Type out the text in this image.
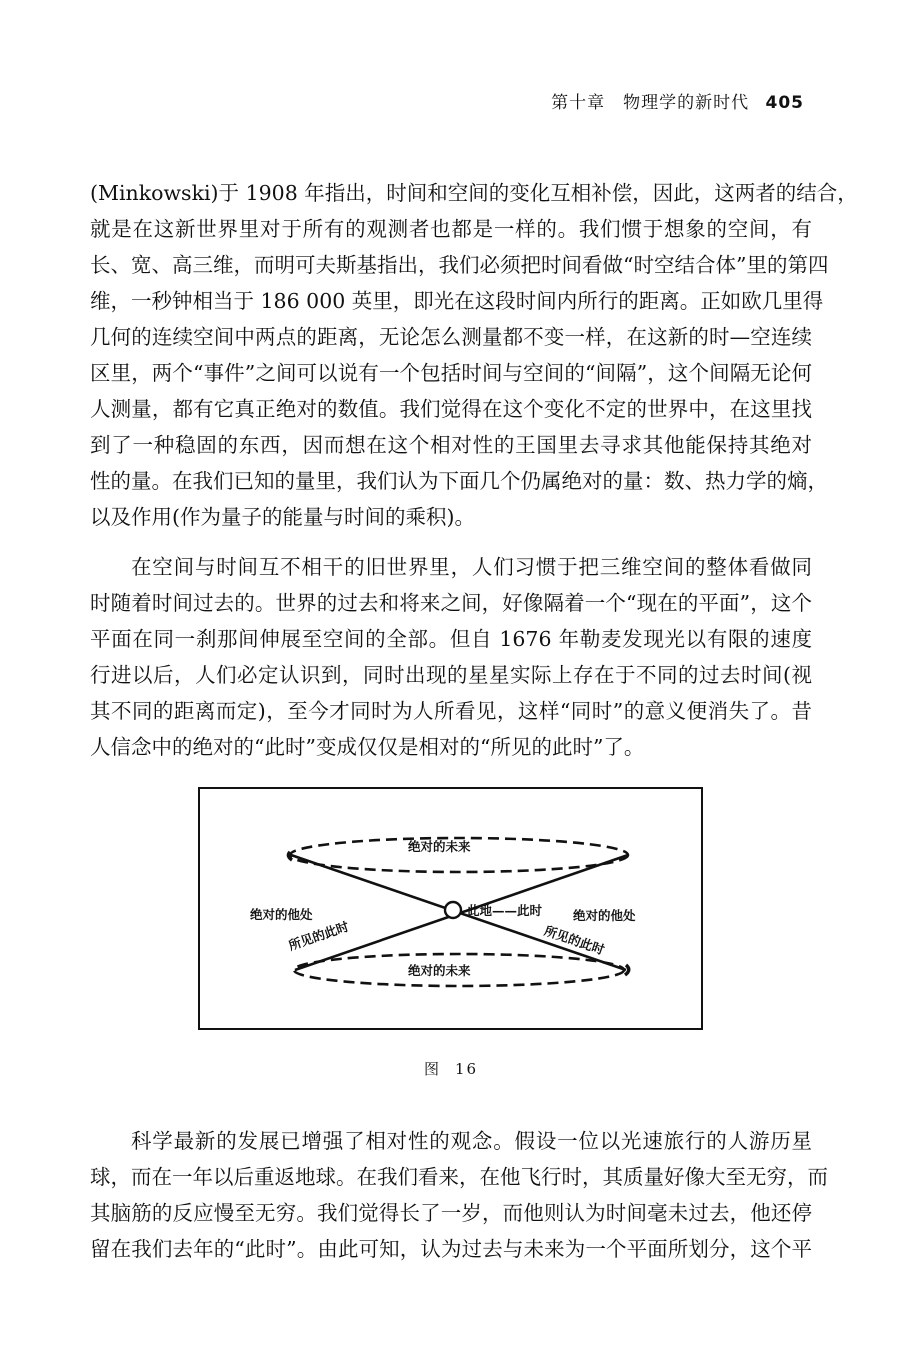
第十章　物理学的新时代 405
(Minkowski)于 1908 年指出，时间和空间的变化互相补偿，因此，这两者的结合，
就是在这新世界里对于所有的观测者也都是一样的。我们惯于想象的空间，有
长、宽、高三维，而明可夫斯基指出，我们必须把时间看做“时空结合体”里的第四
维，一秒钟相当于 186 000 英里，即光在这段时间内所行的距离。正如欧几里得
几何的连续空间中两点的距离，无论怎么测量都不变一样，在这新的时—空连续
区里，两个“事件”之间可以说有一个包括时间与空间的“间隔”，这个间隔无论何
人测量，都有它真正绝对的数值。我们觉得在这个变化不定的世界中，在这里找
到了一种稳固的东西，因而想在这个相对性的王国里去寻求其他能保持其绝对
性的量。在我们已知的量里，我们认为下面几个仍属绝对的量：数、热力学的熵，
以及作用(作为量子的能量与时间的乘积)。
在空间与时间互不相干的旧世界里，人们习惯于把三维空间的整体看做同
时随着时间过去的。世界的过去和将来之间，好像隔着一个“现在的平面”，这个
平面在同一刹那间伸展至空间的全部。但自 1676 年勒麦发现光以有限的速度
行进以后，人们必定认识到，同时出现的星星实际上存在于不同的过去时间(视
其不同的距离而定)，至今才同时为人所看见，这样“同时”的意义便消失了。昔
人信念中的绝对的“此时”变成仅仅是相对的“所见的此时”了。
绝对的未来
绝对的未来
绝对的他处	绝对的他处
此地——此时
所见的此时	所见的此时
图 16
科学最新的发展已增强了相对性的观念。假设一位以光速旅行的人游历星
球，而在一年以后重返地球。在我们看来，在他飞行时，其质量好像大至无穷，而
其脑筋的反应慢至无穷。我们觉得长了一岁，而他则认为时间毫未过去，他还停
留在我们去年的“此时”。由此可知，认为过去与未来为一个平面所划分，这个平
